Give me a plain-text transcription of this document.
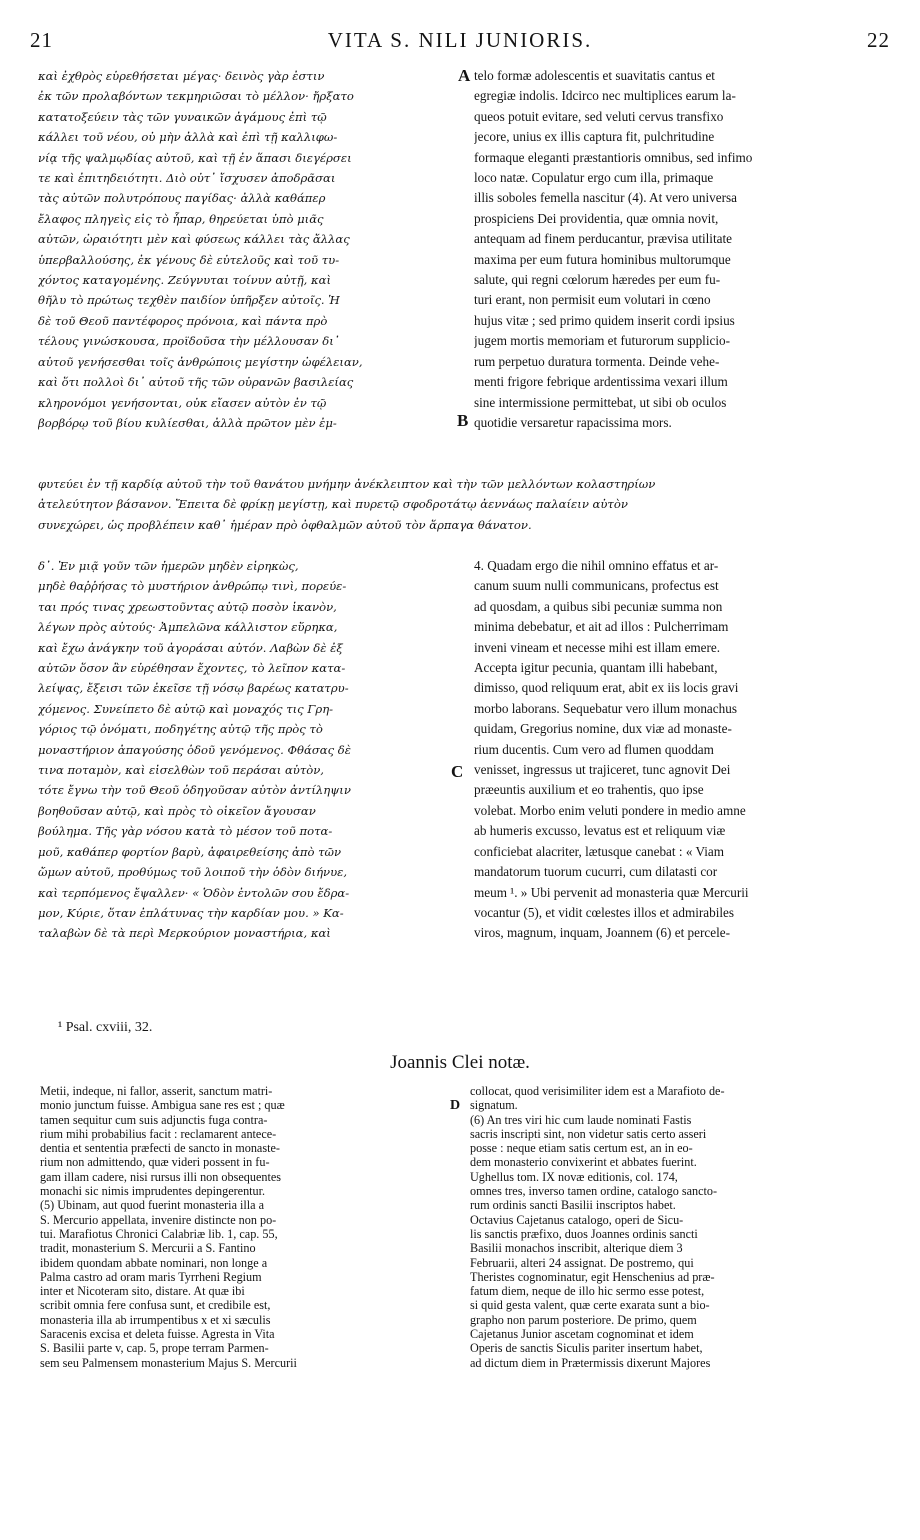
21	VITA S. NILI JUNIORIS.	22
καὶ ἐχθρὸς εὑρεθήσεται μέγας· δεινὸς γὰρ ἐστιν
ἐκ τῶν προλαβόντων τεκμηριῶσαι τὸ μέλλον· ἤρξατο
κατατοξεύειν τὰς τῶν γυναικῶν ἀγάμους ἐπὶ τῷ
κάλλει τοῦ νέου, οὐ μὴν ἀλλὰ καὶ ἐπὶ τῇ καλλιφω-
νίᾳ τῆς ψαλμῳδίας αὐτοῦ, καὶ τῇ ἐν ἅπασι διεγέρσει
τε καὶ ἐπιτηδειότητι. Διὸ οὐτ᾽ ἴσχυσεν ἀποδρᾶσαι
τὰς αὐτῶν πολυτρόπους παγίδας· ἀλλὰ καθάπερ
ἔλαφος πληγεὶς εἰς τὸ ἧπαρ, θηρεύεται ὑπὸ μιᾶς
αὐτῶν, ὡραιότητι μὲν καὶ φύσεως κάλλει τὰς ἄλλας
ὑπερβαλλούσης, ἐκ γένους δὲ εὐτελοῦς καὶ τοῦ τυ-
χόντος καταγομένης. Ζεύγνυται τοίνυν αὐτῇ, καὶ
θῆλυ τὸ πρώτως τεχθὲν παιδίον ὑπῆρξεν αὐτοῖς. Ἡ
δὲ τοῦ Θεοῦ παντέφορος πρόνοια, καὶ πάντα πρὸ
τέλους γινώσκουσα, προϊδοῦσα τὴν μέλλουσαν δι᾽
αὐτοῦ γενήσεσθαι τοῖς ἀνθρώποις μεγίστην ὠφέλειαν,
καὶ ὅτι πολλοὶ δι᾽ αὐτοῦ τῆς τῶν οὐρανῶν βασιλείας
κληρονόμοι γενήσονται, οὐκ εἴασεν αὐτὸν ἐν τῷ
βορβόρῳ τοῦ βίου κυλίεσθαι, ἀλλὰ πρῶτον μὲν ἐμ-
telo formæ adolescentis et suavitatis cantus et
egregiæ indolis. Idcirco nec multiplices earum la-
queos potuit evitare, sed veluti cervus transfixo
jecore, unius ex illis captura fit, pulchritudine
formaque eleganti præstantioris omnibus, sed infimo
loco natæ. Copulatur ergo cum illa, primaque
illis soboles femella nascitur (4). At vero universa
prospiciens Dei providentia, quæ omnia novit,
antequam ad finem perducantur, prævisa utilitate
maxima per eum futura hominibus multorumque
salute, qui regni cœlorum hæredes per eum fu-
turi erant, non permisit eum volutari in cœno
hujus vitæ ; sed primo quidem inserit cordi ipsius
jugem mortis memoriam et futurorum supplicio-
rum perpetuo duratura tormenta. Deinde vehe-
menti frigore febrique ardentissima vexari illum
sine intermissione permittebat, ut sibi ob oculos
quotidie versaretur rapacissima mors.
A
B
φυτεύει ἐν τῇ καρδίᾳ αὐτοῦ τὴν τοῦ θανάτου μνήμην ἀνέκλειπτον καὶ τὴν τῶν μελλόντων κολαστηρίων
ἀτελεύτητον βάσανον. Ἔπειτα δὲ φρίκῃ μεγίστῃ, καὶ πυρετῷ σφοδροτάτῳ ἀεννάως παλαίειν αὐτὸν
συνεχώρει, ὡς προβλέπειν καθ᾽ ἡμέραν πρὸ ὀφθαλμῶν αὐτοῦ τὸν ἅρπαγα θάνατον.
δ᾽. Ἐν μιᾷ γοῦν τῶν ἡμερῶν μηδὲν εἰρηκὼς,
μηδὲ θαῤῥήσας τὸ μυστήριον ἀνθρώπῳ τινὶ, πορεύε-
ται πρός τινας χρεωστοῦντας αὐτῷ ποσὸν ἱκανὸν,
λέγων πρὸς αὐτούς· Ἀμπελῶνα κάλλιστον εὕρηκα,
καὶ ἔχω ἀνάγκην τοῦ ἀγοράσαι αὐτόν. Λαβὼν δὲ ἐξ
αὐτῶν ὅσον ἂν εὑρέθησαν ἔχοντες, τὸ λεῖπον κατα-
λείψας, ἔξεισι τῶν ἐκεῖσε τῇ νόσῳ βαρέως κατατρυ-
χόμενος. Συνείπετο δὲ αὐτῷ καὶ μοναχός τις Γρη-
γόριος τῷ ὀνόματι, ποδηγέτης αὐτῷ τῆς πρὸς τὸ
μοναστήριον ἀπαγούσης ὁδοῦ γενόμενος. Φθάσας δὲ
τινα ποταμὸν, καὶ εἰσελθὼν τοῦ περάσαι αὐτὸν,
τότε ἔγνω τὴν τοῦ Θεοῦ ὁδηγοῦσαν αὐτὸν ἀντίληψιν
βοηθοῦσαν αὐτῷ, καὶ πρὸς τὸ οἰκεῖον ἄγουσαν
βούλημα. Τῆς γὰρ νόσου κατὰ τὸ μέσον τοῦ ποτα-
μοῦ, καθάπερ φορτίον βαρὺ, ἀφαιρεθείσης ἀπὸ τῶν
ὤμων αὐτοῦ, προθύμως τοῦ λοιποῦ τὴν ὁδὸν διήνυε,
καὶ τερπόμενος ἔψαλλεν· « Ὁδὸν ἐντολῶν σου ἔδρα-
μον, Κύριε, ὅταν ἐπλάτυνας τὴν καρδίαν μου. » Κα-
ταλαβὼν δὲ τὰ περὶ Μερκούριον μοναστήρια, καὶ
4. Quadam ergo die nihil omnino effatus et ar-
canum suum nulli communicans, profectus est
ad quosdam, a quibus sibi pecuniæ summa non
minima debebatur, et ait ad illos : Pulcherrimam
inveni vineam et necesse mihi est illam emere.
Accepta igitur pecunia, quantam illi habebant,
dimisso, quod reliquum erat, abit ex iis locis gravi
morbo laborans. Sequebatur vero illum monachus
quidam, Gregorius nomine, dux viæ ad monaste-
rium ducentis. Cum vero ad flumen quoddam
venisset, ingressus ut trajiceret, tunc agnovit Dei
præeuntis auxilium et eo trahentis, quo ipse
volebat. Morbo enim veluti pondere in medio amne
ab humeris excusso, levatus est et reliquum viæ
conficiebat alacriter, lætusque canebat : « Viam
mandatorum tuorum cucurri, cum dilatasti cor
meum ¹. » Ubi pervenit ad monasteria quæ Mercurii
vocantur (5), et vidit cœlestes illos et admirabiles
viros, magnum, inquam, Joannem (6) et percele-
C
¹ Psal. cxviii, 32.
Joannis Clei notæ.
Metii, indeque, ni fallor, asserit, sanctum matri-
monio junctum fuisse. Ambigua sane res est ; quæ
tamen sequitur cum suis adjunctis fuga contra-
rium mihi probabilius facit : reclamarent antece-
dentia et sententia præfecti de sancto in monaste-
rium non admittendo, quæ videri possent in fu-
gam illam cadere, nisi rursus illi non obsequentes
monachi sic nimis imprudentes depingerentur.
(5) Ubinam, aut quod fuerint monasteria illa a
S. Mercurio appellata, invenire distincte non po-
tui. Marafiotus Chronici Calabriæ lib. 1, cap. 55,
tradit, monasterium S. Mercurii a S. Fantino
ibidem quondam abbate nominari, non longe a
Palma castro ad oram maris Tyrrheni Regium
inter et Nicoteram sito, distare. At quæ ibi
scribit omnia fere confusa sunt, et credibile est,
monasteria illa ab irrumpentibus x et xi sæculis
Saracenis excisa et deleta fuisse. Agresta in Vita
S. Basilii parte v, cap. 5, prope terram Parmen-
sem seu Palmensem monasterium Majus S. Mercurii
collocat, quod verisimiliter idem est a Marafioto de-
signatum.
(6) An tres viri hic cum laude nominati Fastis
sacris inscripti sint, non videtur satis certo asseri
posse : neque etiam satis certum est, an in eo-
dem monasterio convixerint et abbates fuerint.
Ughellus tom. IX novæ editionis, col. 174,
omnes tres, inverso tamen ordine, catalogo sancto-
rum ordinis sancti Basilii inscriptos habet.
Octavius Cajetanus catalogo, operi de Sicu-
lis sanctis præfixo, duos Joannes ordinis sancti
Basilii monachos inscribit, alterique diem 3
Februarii, alteri 24 assignat. De postremo, qui
Theristes cognominatur, egit Henschenius ad præ-
fatum diem, neque de illo hic sermo esse potest,
si quid gesta valent, quæ certe exarata sunt a bio-
grapho non parum posteriore. De primo, quem
Cajetanus Junior ascetam cognominat et idem
Operis de sanctis Siculis pariter insertum habet,
ad dictum diem in Prætermissis dixerunt Majores
D
